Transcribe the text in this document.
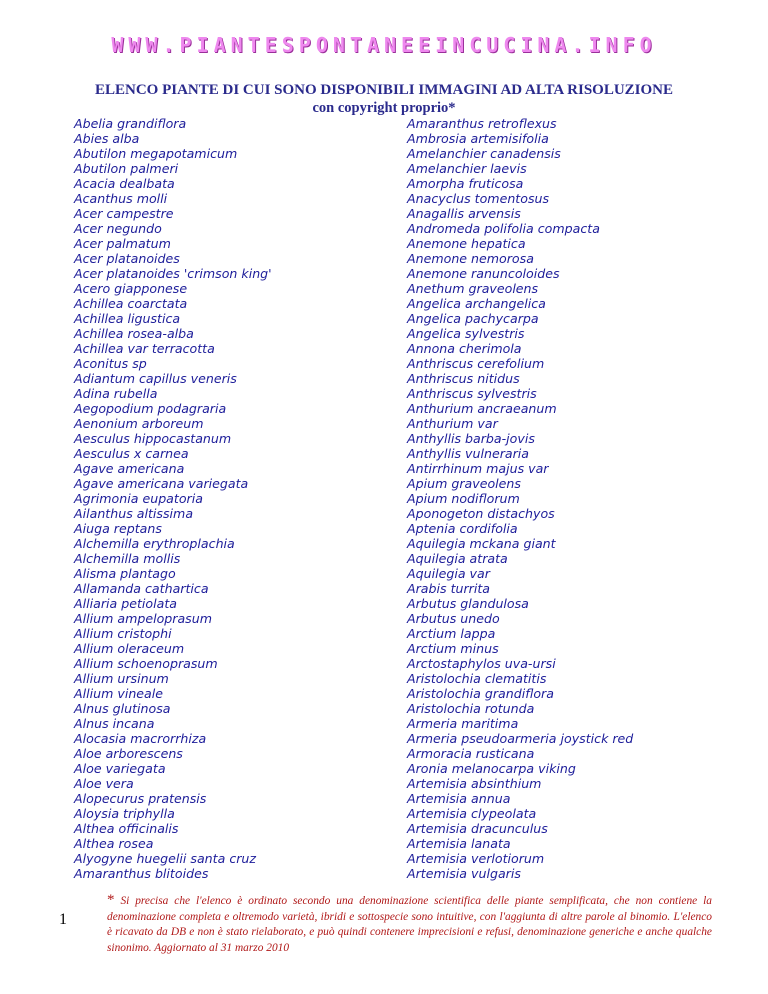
WWW.PIANTESPONTANEEINCUCINA.INFO
ELENCO PIANTE DI CUI SONO DISPONIBILI IMMAGINI AD ALTA RISOLUZIONE
con copyright proprio*
Abelia grandiflora
Abies alba
Abutilon megapotamicum
Abutilon palmeri
Acacia dealbata
Acanthus molli
Acer campestre
Acer negundo
Acer palmatum
Acer platanoides
Acer platanoides 'crimson king'
Acero giapponese
Achillea coarctata
Achillea ligustica
Achillea rosea-alba
Achillea var terracotta
Aconitus sp
Adiantum capillus veneris
Adina rubella
Aegopodium podagraria
Aenonium arboreum
Aesculus hippocastanum
Aesculus x carnea
Agave americana
Agave americana variegata
Agrimonia eupatoria
Ailanthus altissima
Aiuga reptans
Alchemilla erythroplachia
Alchemilla mollis
Alisma plantago
Allamanda cathartica
Alliaria petiolata
Allium ampeloprasum
Allium cristophi
Allium oleraceum
Allium schoenoprasum
Allium ursinum
Allium vineale
Alnus glutinosa
Alnus incana
Alocasia macrorrhiza
Aloe arborescens
Aloe variegata
Aloe vera
Alopecurus pratensis
Aloysia triphylla
Althea officinalis
Althea rosea
Alyogyne huegelii santa cruz
Amaranthus blitoides
Amaranthus retroflexus
Ambrosia artemisifolia
Amelanchier canadensis
Amelanchier laevis
Amorpha fruticosa
Anacyclus tomentosus
Anagallis arvensis
Andromeda polifolia compacta
Anemone hepatica
Anemone nemorosa
Anemone ranuncoloides
Anethum graveolens
Angelica archangelica
Angelica pachycarpa
Angelica sylvestris
Annona cherimola
Anthriscus cerefolium
Anthriscus nitidus
Anthriscus sylvestris
Anthurium ancraeanum
Anthurium var
Anthyllis barba-jovis
Anthyllis vulneraria
Antirrhinum majus var
Apium graveolens
Apium nodiflorum
Aponogeton distachyos
Aptenia cordifolia
Aquilegia mckana giant
Aquilegia atrata
Aquilegia var
Arabis turrita
Arbutus glandulosa
Arbutus unedo
Arctium lappa
Arctium minus
Arctostaphylos uva-ursi
Aristolochia clematitis
Aristolochia grandiflora
Aristolochia rotunda
Armeria maritima
Armeria pseudoarmeria joystick red
Armoracia rusticana
Aronia melanocarpa viking
Artemisia absinthium
Artemisia annua
Artemisia clypeolata
Artemisia dracunculus
Artemisia lanata
Artemisia verlotiorum
Artemisia vulgaris
1
* Si precisa che l'elenco è ordinato secondo una denominazione scientifica delle piante semplificata, che non contiene la denominazione completa e oltremodo varietà, ibridi e sottospecie sono intuitive, con l'aggiunta di altre parole al binomio. L'elenco è ricavato da DB e non è stato rielaborato, e può quindi contenere imprecisioni e refusi, denominazione generiche e anche qualche sinonimo. Aggiornato al 31 marzo 2010
